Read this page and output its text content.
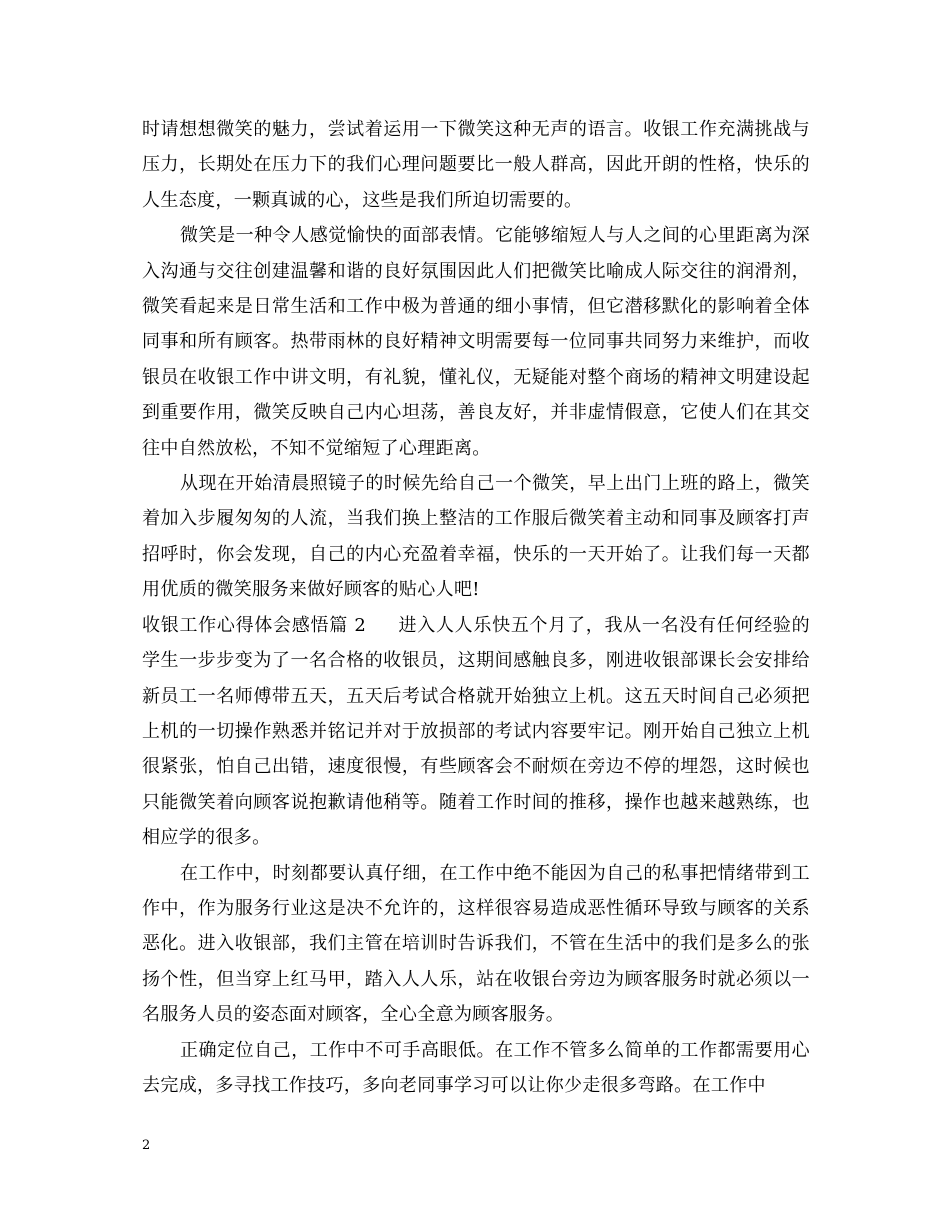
时请想想微笑的魅力，尝试着运用一下微笑这种无声的语言。收银工作充满挑战与压力，长期处在压力下的我们心理问题要比一般人群高，因此开朗的性格，快乐的人生态度，一颗真诚的心，这些是我们所迫切需要的。

微笑是一种令人感觉愉快的面部表情。它能够缩短人与人之间的心里距离为深入沟通与交往创建温馨和谐的良好氛围因此人们把微笑比喻成人际交往的润滑剂，微笑看起来是日常生活和工作中极为普通的细小事情，但它潜移默化的影响着全体同事和所有顾客。热带雨林的良好精神文明需要每一位同事共同努力来维护，而收银员在收银工作中讲文明，有礼貌，懂礼仪，无疑能对整个商场的精神文明建设起到重要作用，微笑反映自己内心坦荡，善良友好，并非虚情假意，它使人们在其交往中自然放松，不知不觉缩短了心理距离。

从现在开始清晨照镜子的时候先给自己一个微笑，早上出门上班的路上，微笑着加入步履匆匆的人流，当我们换上整洁的工作服后微笑着主动和同事及顾客打声招呼时，你会发现，自己的内心充盈着幸福，快乐的一天开始了。让我们每一天都用优质的微笑服务来做好顾客的贴心人吧!

收银工作心得体会感悟篇 2 进入人人乐快五个月了，我从一名没有任何经验的学生一步步变为了一名合格的收银员，这期间感触良多，刚进收银部课长会安排给新员工一名师傅带五天，五天后考试合格就开始独立上机。这五天时间自己必须把上机的一切操作熟悉并铭记并对于放损部的考试内容要牢记。刚开始自己独立上机很紧张，怕自己出错，速度很慢，有些顾客会不耐烦在旁边不停的埋怨，这时候也只能微笑着向顾客说抱歉请他稍等。随着工作时间的推移，操作也越来越熟练，也相应学的很多。

在工作中，时刻都要认真仔细，在工作中绝不能因为自己的私事把情绪带到工作中，作为服务行业这是决不允许的，这样很容易造成恶性循环导致与顾客的关系恶化。进入收银部，我们主管在培训时告诉我们，不管在生活中的我们是多么的张扬个性，但当穿上红马甲，踏入人人乐，站在收银台旁边为顾客服务时就必须以一名服务人员的姿态面对顾客，全心全意为顾客服务。

正确定位自己，工作中不可手高眼低。在工作不管多么简单的工作都需要用心去完成，多寻找工作技巧，多向老同事学习可以让你少走很多弯路。在工作中

2
